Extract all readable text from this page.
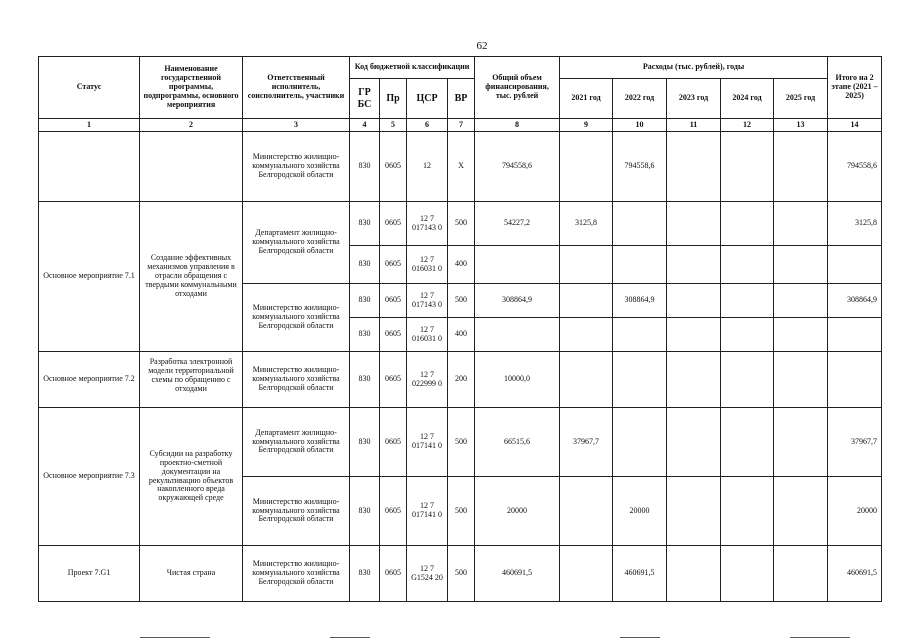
62
Статус	Наименование государственной программы, подпрограммы, основного мероприятия	Ответственный исполнитель, соисполнитель, участники	Код бюджетной классификации				Общий объем финансирования, тыс. рублей	Расходы (тыс. рублей), годы					Итого на 2 этапе (2021 – 2025)
			ГР БС	Пр	ЦСР	ВР		2021 год	2022 год	2023 год	2024 год	2025 год	
1	2	3	4	5	6	7	8	9	10	11	12	13	14
		Министерство жилищно-коммунального хозяйства Белгородской области	830	0605	12	Х	794558,6		794558,6				794558,6
Основное мероприятие 7.1	Создание эффективных механизмов управления в отрасли обращения с твердыми коммунальными отходами	Департамент жилищно-коммунального хозяйства Белгородской области	830	0605	12 7 017143 0	500	54227,2	3125,8					3125,8
			830	0605	12 7 016031 0	400							
		Министерство жилищно-коммунального хозяйства Белгородской области	830	0605	12 7 017143 0	500	308864,9		308864,9				308864,9
			830	0605	12 7 016031 0	400							
Основное мероприятие 7.2	Разработка электронной модели территориальной схемы по обращению с отходами	Министерство жилищно-коммунального хозяйства Белгородской области	830	0605	12 7 022999 0	200	10000,0						
Основное мероприятие 7.3	Субсидии на разработку проектно-сметной документации на рекультивацию объектов накопленного вреда окружающей среде	Департамент жилищно-коммунального хозяйства Белгородской области	830	0605	12 7 017141 0	500	66515,6	37967,7					37967,7
		Министерство жилищно-коммунального хозяйства Белгородской области	830	0605	12 7 017141 0	500	20000		20000				20000
Проект 7.G1	Чистая страна	Министерство жилищно-коммунального хозяйства Белгородской области	830	0605	12 7 G1524 20	500	460691,5		460691,5				460691,5
